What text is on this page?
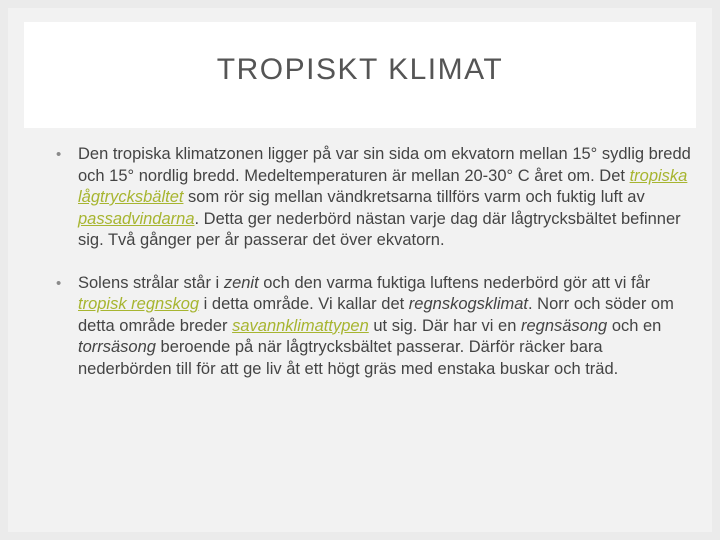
TROPISKT KLIMAT
• Den tropiska klimatzonen ligger på var sin sida om ekvatorn mellan 15° sydlig bredd och 15° nordlig bredd. Medeltemperaturen är mellan 20-30° C året om. Det tropiska lågtrycksbältet som rör sig mellan vändkretsarna tillförs varm och fuktig luft av passadvindarna. Detta ger nederbörd nästan varje dag där lågtrycksbältet befinner sig. Två gånger per år passerar det över ekvatorn.
• Solens strålar står i zenit och den varma fuktiga luftens nederbörd gör att vi får tropisk regnskog i detta område. Vi kallar det regnskogsklimat. Norr och söder om detta område breder savannklimattypen ut sig. Där har vi en regnsäsong och en torrsäsong beroende på när lågtrycksbältet passerar. Därför räcker bara nederbörden till för att ge liv åt ett högt gräs med enstaka buskar och träd.
